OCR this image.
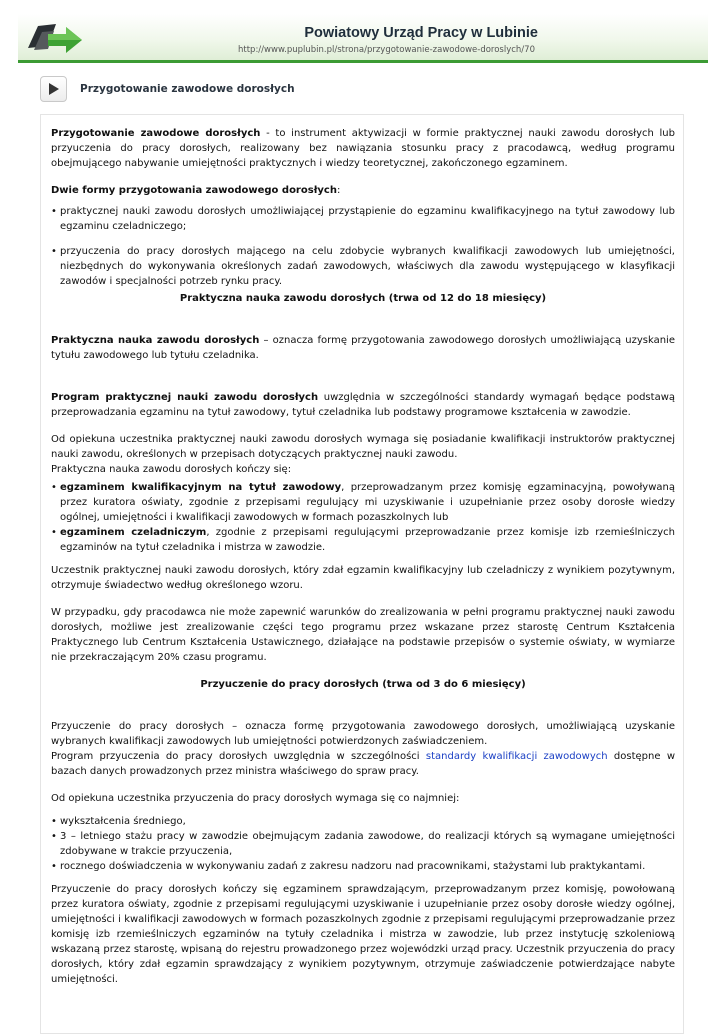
Powiatowy Urząd Pracy w Lubinie
http://www.puplubin.pl/strona/przygotowanie-zawodowe-doroslych/70
Przygotowanie zawodowe dorosłych

Przygotowanie zawodowe dorosłych - to instrument aktywizacji w formie praktycznej nauki zawodu dorosłych lub przyuczenia do pracy dorosłych, realizowany bez nawiązania stosunku pracy z pracodawcą, według programu obejmującego nabywanie umiejętności praktycznych i wiedzy teoretycznej, zakończonego egzaminem.

Dwie formy przygotowania zawodowego dorosłych:

• praktycznej nauki zawodu dorosłych umożliwiającej przystąpienie do egzaminu kwalifikacyjnego na tytuł zawodowy lub egzaminu czeladniczego;
• przyuczenia do pracy dorosłych mającego na celu zdobycie wybranych kwalifikacji zawodowych lub umiejętności, niezbędnych do wykonywania określonych zadań zawodowych, właściwych dla zawodu występującego w klasyfikacji zawodów i specjalności potrzeb rynku pracy.

Praktyczna nauka zawodu dorosłych (trwa od 12 do 18 miesięcy)

Praktyczna nauka zawodu dorosłych – oznacza formę przygotowania zawodowego dorosłych umożliwiającą uzyskanie tytułu zawodowego lub tytułu czeladnika.

Program praktycznej nauki zawodu dorosłych uwzględnia w szczególności standardy wymagań będące podstawą przeprowadzania egzaminu na tytuł zawodowy, tytuł czeladnika lub podstawy programowe kształcenia w zawodzie.

Od opiekuna uczestnika praktycznej nauki zawodu dorosłych wymaga się posiadanie kwalifikacji instruktorów praktycznej nauki zawodu, określonych w przepisach dotyczących praktycznej nauki zawodu.

Praktyczna nauka zawodu dorosłych kończy się:

• egzaminem kwalifikacyjnym na tytuł zawodowy, przeprowadzanym przez komisję egzaminacyjną, powoływaną przez kuratora oświaty, zgodnie z przepisami regulujący mi uzyskiwanie i uzupełnianie przez osoby dorosłe wiedzy ogólnej, umiejętności i kwalifikacji zawodowych w formach pozaszkolnych lub
• egzaminem czeladniczym, zgodnie z przepisami regulującymi przeprowadzanie przez komisje izb rzemieślniczych egzaminów na tytuł czeladnika i mistrza w zawodzie.

Uczestnik praktycznej nauki zawodu dorosłych, który zdał egzamin kwalifikacyjny lub czeladniczy z wynikiem pozytywnym, otrzymuje świadectwo według określonego wzoru.

W przypadku, gdy pracodawca nie może zapewnić warunków do zrealizowania w pełni programu praktycznej nauki zawodu dorosłych, możliwe jest zrealizowanie części tego programu przez wskazane przez starostę Centrum Kształcenia Praktycznego lub Centrum Kształcenia Ustawicznego, działające na podstawie przepisów o systemie oświaty, w wymiarze nie przekraczającym 20% czasu programu.

Przyuczenie do pracy dorosłych (trwa od 3 do 6 miesięcy)

Przyuczenie do pracy dorosłych – oznacza formę przygotowania zawodowego dorosłych, umożliwiającą uzyskanie wybranych kwalifikacji zawodowych lub umiejętności potwierdzonych zaświadczeniem.

Program przyuczenia do pracy dorosłych uwzględnia w szczególności standardy kwalifikacji zawodowych dostępne w bazach danych prowadzonych przez ministra właściwego do spraw pracy.

Od opiekuna uczestnika przyuczenia do pracy dorosłych wymaga się co najmniej:

• wykształcenia średniego,
• 3 – letniego stażu pracy w zawodzie obejmującym zadania zawodowe, do realizacji których są wymagane umiejętności zdobywane w trakcie przyuczenia,
• rocznego doświadczenia w wykonywaniu zadań z zakresu nadzoru nad pracownikami, stażystami lub praktykantami.

Przyuczenie do pracy dorosłych kończy się egzaminem sprawdzającym, przeprowadzanym przez komisję, powołowaną przez kuratora oświaty, zgodnie z przepisami regulującymi uzyskiwanie i uzupełnianie przez osoby dorosłe wiedzy ogólnej, umiejętności i kwalifikacji zawodowych w formach pozaszkolnych zgodnie z przepisami regulującymi przeprowadzanie przez komisję izb rzemieślniczych egzaminów na tytuły czeladnika i mistrza w zawodzie, lub przez instytucję szkoleniową wskazaną przez starostę, wpisaną do rejestru prowadzonego przez wojewódzki urząd pracy. Uczestnik przyuczenia do pracy dorosłych, który zdał egzamin sprawdzający z wynikiem pozytywnym, otrzymuje zaświadczenie potwierdzające nabyte umiejętności.
